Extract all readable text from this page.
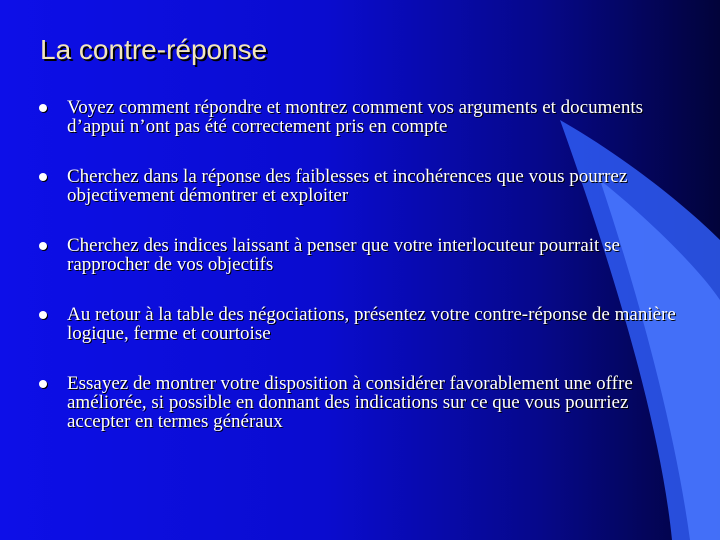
La contre-réponse
Voyez comment répondre et montrez comment vos arguments et documents d’appui n’ont pas été correctement pris en compte
Cherchez dans la réponse des faiblesses et incohérences que vous pourrez objectivement démontrer et exploiter
Cherchez des indices laissant à penser que votre interlocuteur pourrait se rapprocher de vos objectifs
Au retour à la table des négociations, présentez votre contre-réponse de manière logique, ferme et courtoise
Essayez de montrer votre disposition à considérer favorablement une offre améliorée, si possible en donnant des indications sur ce que vous pourriez accepter en termes généraux
